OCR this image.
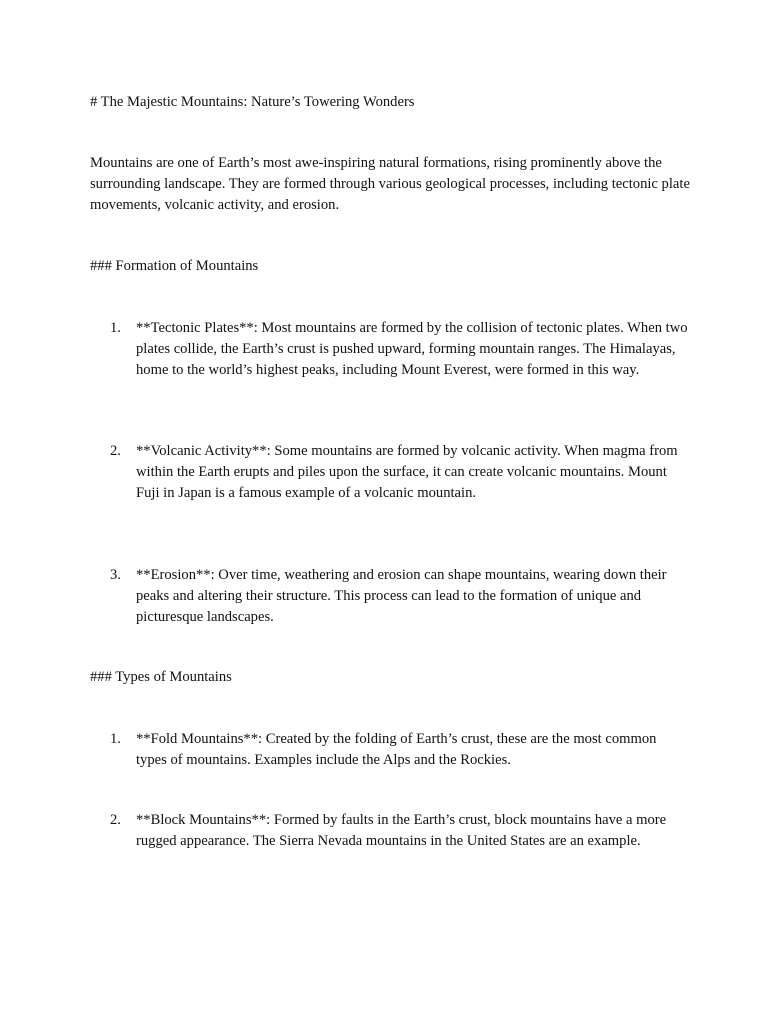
# The Majestic Mountains: Nature’s Towering Wonders

Mountains are one of Earth’s most awe-inspiring natural formations, rising prominently above the surrounding landscape. They are formed through various geological processes, including tectonic plate movements, volcanic activity, and erosion.

### Formation of Mountains

1. **Tectonic Plates**: Most mountains are formed by the collision of tectonic plates. When two plates collide, the Earth’s crust is pushed upward, forming mountain ranges. The Himalayas, home to the world’s highest peaks, including Mount Everest, were formed in this way.

2. **Volcanic Activity**: Some mountains are formed by volcanic activity. When magma from within the Earth erupts and piles upon the surface, it can create volcanic mountains. Mount Fuji in Japan is a famous example of a volcanic mountain.

3. **Erosion**: Over time, weathering and erosion can shape mountains, wearing down their peaks and altering their structure. This process can lead to the formation of unique and picturesque landscapes.

### Types of Mountains

1. **Fold Mountains**: Created by the folding of Earth’s crust, these are the most common types of mountains. Examples include the Alps and the Rockies.

2. **Block Mountains**: Formed by faults in the Earth’s crust, block mountains have a more rugged appearance. The Sierra Nevada mountains in the United States are an example.
